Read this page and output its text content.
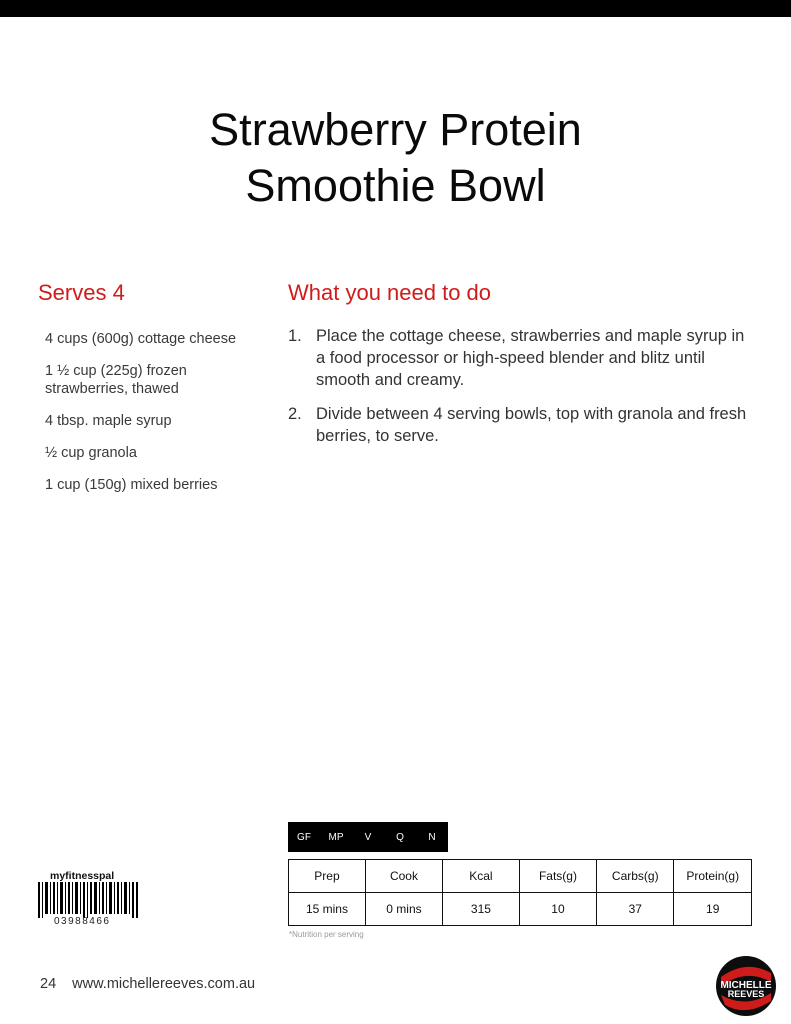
Strawberry Protein
Smoothie Bowl
Serves 4	What you need to do
4 cups (600g) cottage cheese
1 ½ cup (225g) frozen strawberries, thawed
4 tbsp. maple syrup
½ cup granola
1 cup (150g) mixed berries
1. Place the cottage cheese, strawberries and maple syrup in a food processor or high-speed blender and blitz until smooth and creamy.
2. Divide between 4 serving bowls, top with granola and fresh berries, to serve.
GF	MP	V	Q	N
Prep	Cook	Kcal	Fats(g)	Carbs(g)	Protein(g)
15 mins	0 mins	315	10	37	19
*Nutrition per serving
myfitnesspal
03988466
24 www.michellereeves.com.au	MICHELLE
REEVES
